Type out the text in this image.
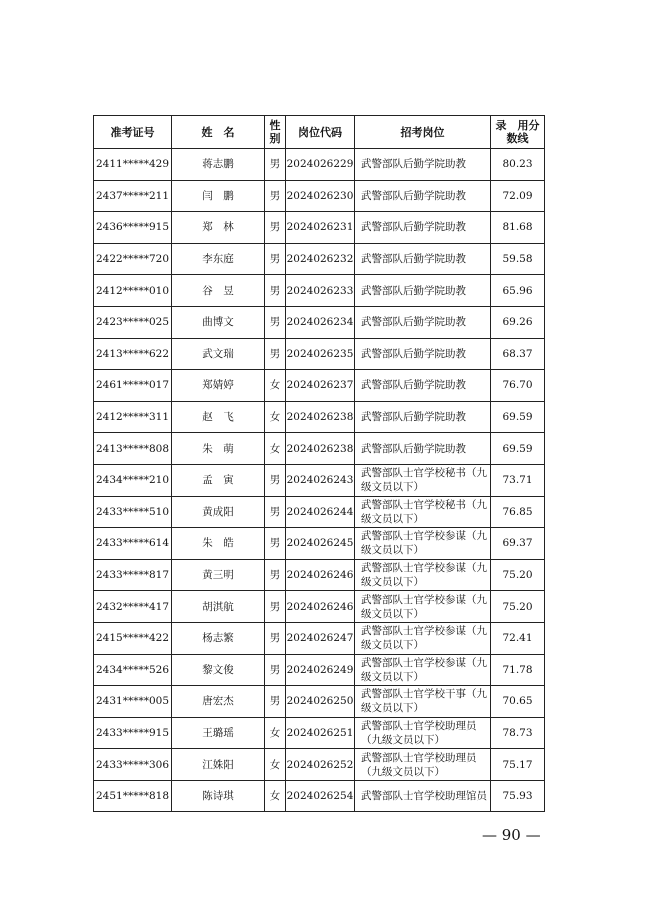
准考证号	姓　名	性别	岗位代码	招考岗位	录　用分数线
2411*****429	蒋志鹏	男	2024026229	武警部队后勤学院助教	80.23
2437*****211	闫　鹏	男	2024026230	武警部队后勤学院助教	72.09
2436*****915	郑　林	男	2024026231	武警部队后勤学院助教	81.68
2422*****720	李东庭	男	2024026232	武警部队后勤学院助教	59.58
2412*****010	谷　昱	男	2024026233	武警部队后勤学院助教	65.96
2423*****025	曲博文	男	2024026234	武警部队后勤学院助教	69.26
2413*****622	武文瑞	男	2024026235	武警部队后勤学院助教	68.37
2461*****017	郑婧婷	女	2024026237	武警部队后勤学院助教	76.70
2412*****311	赵　飞	女	2024026238	武警部队后勤学院助教	69.59
2413*****808	朱　萌	女	2024026238	武警部队后勤学院助教	69.59
2434*****210	孟　寅	男	2024026243	武警部队士官学校秘书（九级文员以下）	73.71
2433*****510	黄成阳	男	2024026244	武警部队士官学校秘书（九级文员以下）	76.85
2433*****614	朱　皓	男	2024026245	武警部队士官学校参谋（九级文员以下）	69.37
2433*****817	黄三明	男	2024026246	武警部队士官学校参谋（九级文员以下）	75.20
2432*****417	胡淇航	男	2024026246	武警部队士官学校参谋（九级文员以下）	75.20
2415*****422	杨志繁	男	2024026247	武警部队士官学校参谋（九级文员以下）	72.41
2434*****526	黎文俊	男	2024026249	武警部队士官学校参谋（九级文员以下）	71.78
2431*****005	唐宏杰	男	2024026250	武警部队士官学校干事（九级文员以下）	70.65
2433*****915	王璐瑶	女	2024026251	武警部队士官学校助理员（九级文员以下）	78.73
2433*****306	江姝阳	女	2024026252	武警部队士官学校助理员（九级文员以下）	75.17
2451*****818	陈诗琪	女	2024026254	武警部队士官学校助理馆员	75.93
— 90 —
